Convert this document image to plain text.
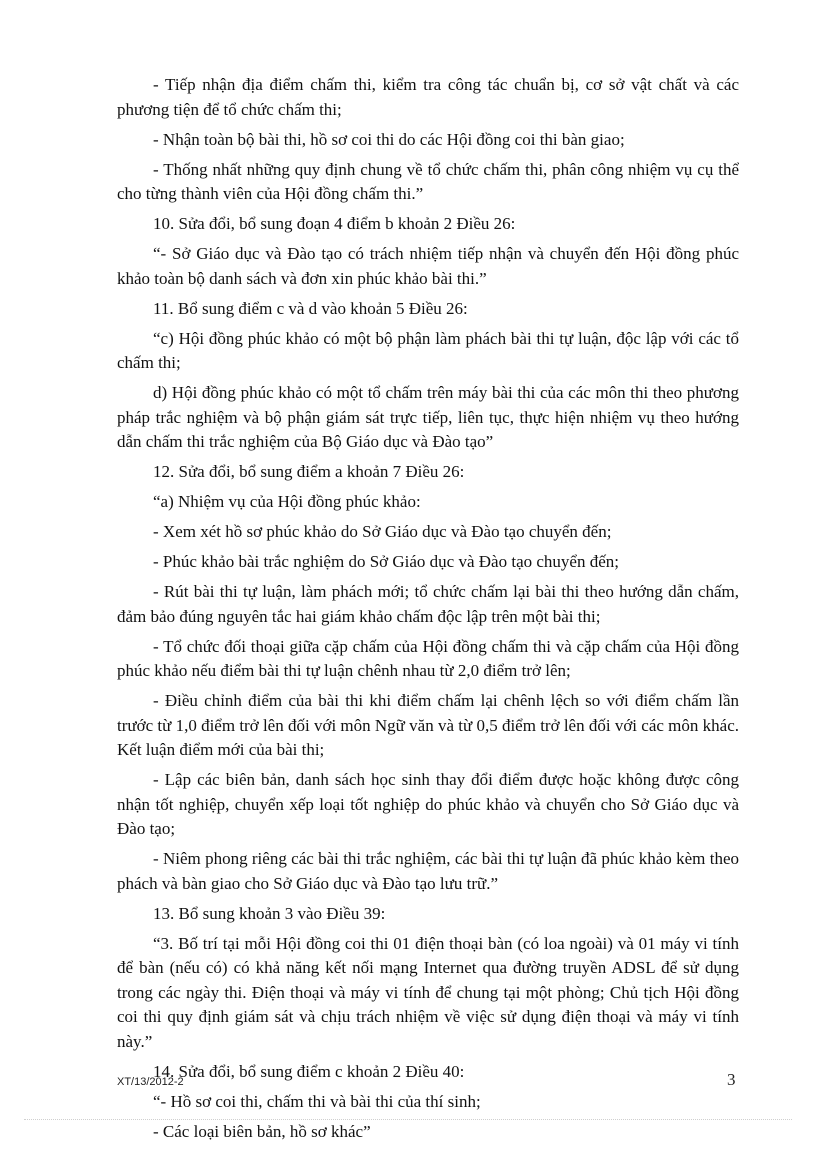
- Tiếp nhận địa điểm chấm thi, kiểm tra công tác chuẩn bị, cơ sở vật chất và các phương tiện để tổ chức chấm thi;

- Nhận toàn bộ bài thi, hồ sơ coi thi do các Hội đồng coi thi bàn giao;

- Thống nhất những quy định chung về tổ chức chấm thi, phân công nhiệm vụ cụ thể cho từng thành viên của Hội đồng chấm thi.”

10. Sửa đổi, bổ sung đoạn 4 điểm b khoản 2 Điều 26:

“- Sở Giáo dục và Đào tạo có trách nhiệm tiếp nhận và chuyển đến Hội đồng phúc khảo toàn bộ danh sách và đơn xin phúc khảo bài thi.”

11. Bổ sung điểm c và d vào khoản 5 Điều 26:

“c) Hội đồng phúc khảo có một bộ phận làm phách bài thi tự luận, độc lập với các tổ chấm thi;

d) Hội đồng phúc khảo có một tổ chấm trên máy bài thi của các môn thi theo phương pháp trắc nghiệm và bộ phận giám sát trực tiếp, liên tục, thực hiện nhiệm vụ theo hướng dẫn chấm thi trắc nghiệm của Bộ Giáo dục và Đào tạo”

12. Sửa đổi, bổ sung điểm a khoản 7 Điều 26:

“a) Nhiệm vụ của Hội đồng phúc khảo:

- Xem xét hồ sơ phúc khảo do Sở Giáo dục và Đào tạo chuyển đến;

- Phúc khảo bài trắc nghiệm do Sở Giáo dục và Đào tạo chuyển đến;

- Rút bài thi tự luận, làm phách mới; tổ chức chấm lại bài thi theo hướng dẫn chấm, đảm bảo đúng nguyên tắc hai giám khảo chấm độc lập trên một bài thi;

- Tổ chức đối thoại giữa cặp chấm của Hội đồng chấm thi và cặp chấm của Hội đồng phúc khảo nếu điểm bài thi tự luận chênh nhau từ 2,0 điểm trở lên;

- Điều chỉnh điểm của bài thi khi điểm chấm lại chênh lệch so với điểm chấm lần trước từ 1,0 điểm trở lên đối với môn Ngữ văn và từ 0,5 điểm trở lên đối với các môn khác. Kết luận điểm mới của bài thi;

- Lập các biên bản, danh sách học sinh thay đổi điểm được hoặc không được công nhận tốt nghiệp, chuyển xếp loại tốt nghiệp do phúc khảo và chuyển cho Sở Giáo dục và Đào tạo;

- Niêm phong riêng các bài thi trắc nghiệm, các bài thi tự luận đã phúc khảo kèm theo phách và bàn giao cho Sở Giáo dục và Đào tạo lưu trữ.”

13. Bổ sung khoản 3 vào Điều 39:

“3. Bố trí tại mỗi Hội đồng coi thi 01 điện thoại bàn (có loa ngoài) và 01 máy vi tính để bàn (nếu có) có khả năng kết nối mạng Internet qua đường truyền ADSL để sử dụng trong các ngày thi. Điện thoại và máy vi tính để chung tại một phòng; Chủ tịch Hội đồng coi thi quy định giám sát và chịu trách nhiệm về việc sử dụng điện thoại và máy vi tính này.”

14. Sửa đổi, bổ sung điểm c khoản 2 Điều 40:

“- Hồ sơ coi thi, chấm thi và bài thi của thí sinh;

- Các loại biên bản, hồ sơ khác”

XT/13/2012-2	3
